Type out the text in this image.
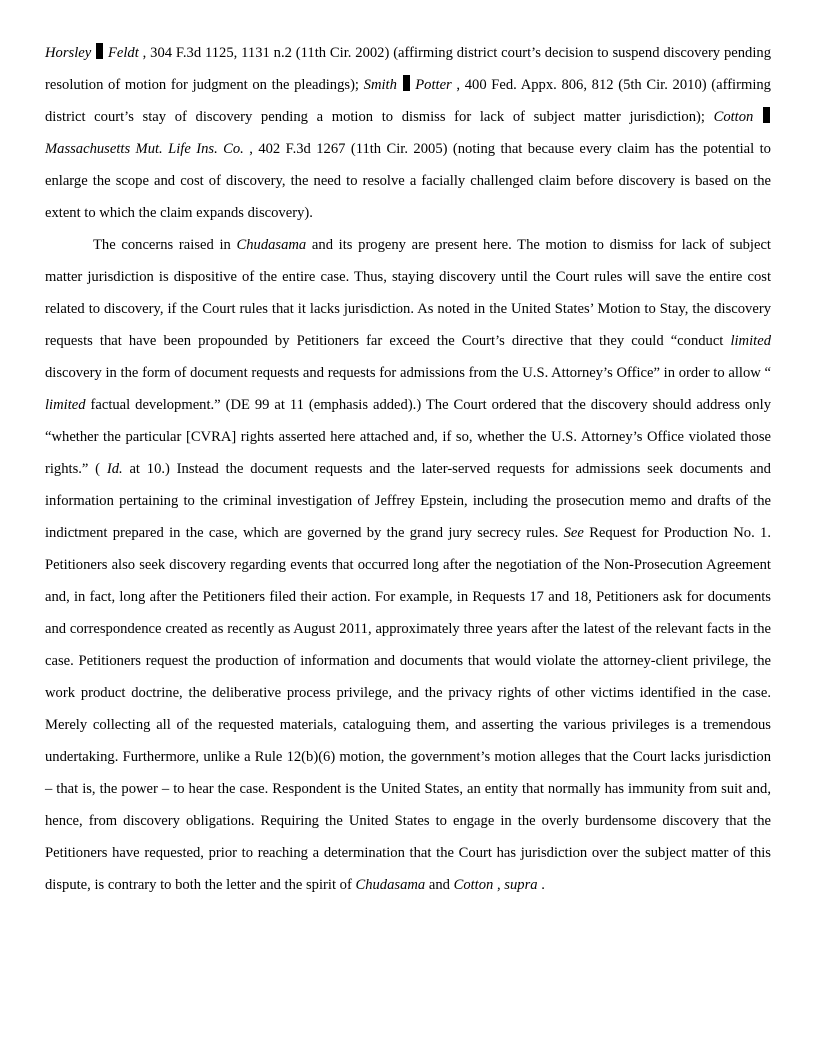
Horsley Feldt , 304 F.3d 1125, 1131 n.2 (11th Cir. 2002) (affirming district court’s decision to suspend discovery pending resolution of motion for judgment on the pleadings); Smith Potter , 400 Fed. Appx. 806, 812 (5th Cir. 2010) (affirming district court’s stay of discovery pending a motion to dismiss for lack of subject matter jurisdiction); Cotton  Massachusetts Mut. Life Ins. Co. , 402 F.3d 1267 (11th Cir. 2005) (noting that because every claim has the potential to enlarge the scope and cost of discovery, the need to resolve a facially challenged claim before discovery is based on the extent to which the claim expands discovery).

The concerns raised in Chudasama and its progeny are present here. The motion to dismiss for lack of subject matter jurisdiction is dispositive of the entire case. Thus, staying discovery until the Court rules will save the entire cost related to discovery, if the Court rules that it lacks jurisdiction. As noted in the United States’ Motion to Stay, the discovery requests that have been propounded by Petitioners far exceed the Court’s directive that they could “conduct limited discovery in the form of document requests and requests for admissions from the U.S. Attorney’s Office” in order to allow “ limited factual development.” (DE 99 at 11 (emphasis added).) The Court ordered that the discovery should address only “whether the particular [CVRA] rights asserted here attached and, if so, whether the U.S. Attorney’s Office violated those rights.” ( Id. at 10.) Instead the document requests and the later-served requests for admissions seek documents and information pertaining to the criminal investigation of Jeffrey Epstein, including the prosecution memo and drafts of the indictment prepared in the case, which are governed by the grand jury secrecy rules. See Request for Production No. 1. Petitioners also seek discovery regarding events that occurred long after the negotiation of the Non-Prosecution Agreement and, in fact, long after the Petitioners filed their action. For example, in Requests 17 and 18, Petitioners ask for documents and correspondence created as recently as August 2011, approximately three years after the latest of the relevant facts in the case. Petitioners request the production of information and documents that would violate the attorney-client privilege, the work product doctrine, the deliberative process privilege, and the privacy rights of other victims identified in the case. Merely collecting all of the requested materials, cataloguing them, and asserting the various privileges is a tremendous undertaking. Furthermore, unlike a Rule 12(b)(6) motion, the government’s motion alleges that the Court lacks jurisdiction – that is, the power – to hear the case. Respondent is the United States, an entity that normally has immunity from suit and, hence, from discovery obligations. Requiring the United States to engage in the overly burdensome discovery that the Petitioners have requested, prior to reaching a determination that the Court has jurisdiction over the subject matter of this dispute, is contrary to both the letter and the spirit of Chudasama and Cotton , supra .
